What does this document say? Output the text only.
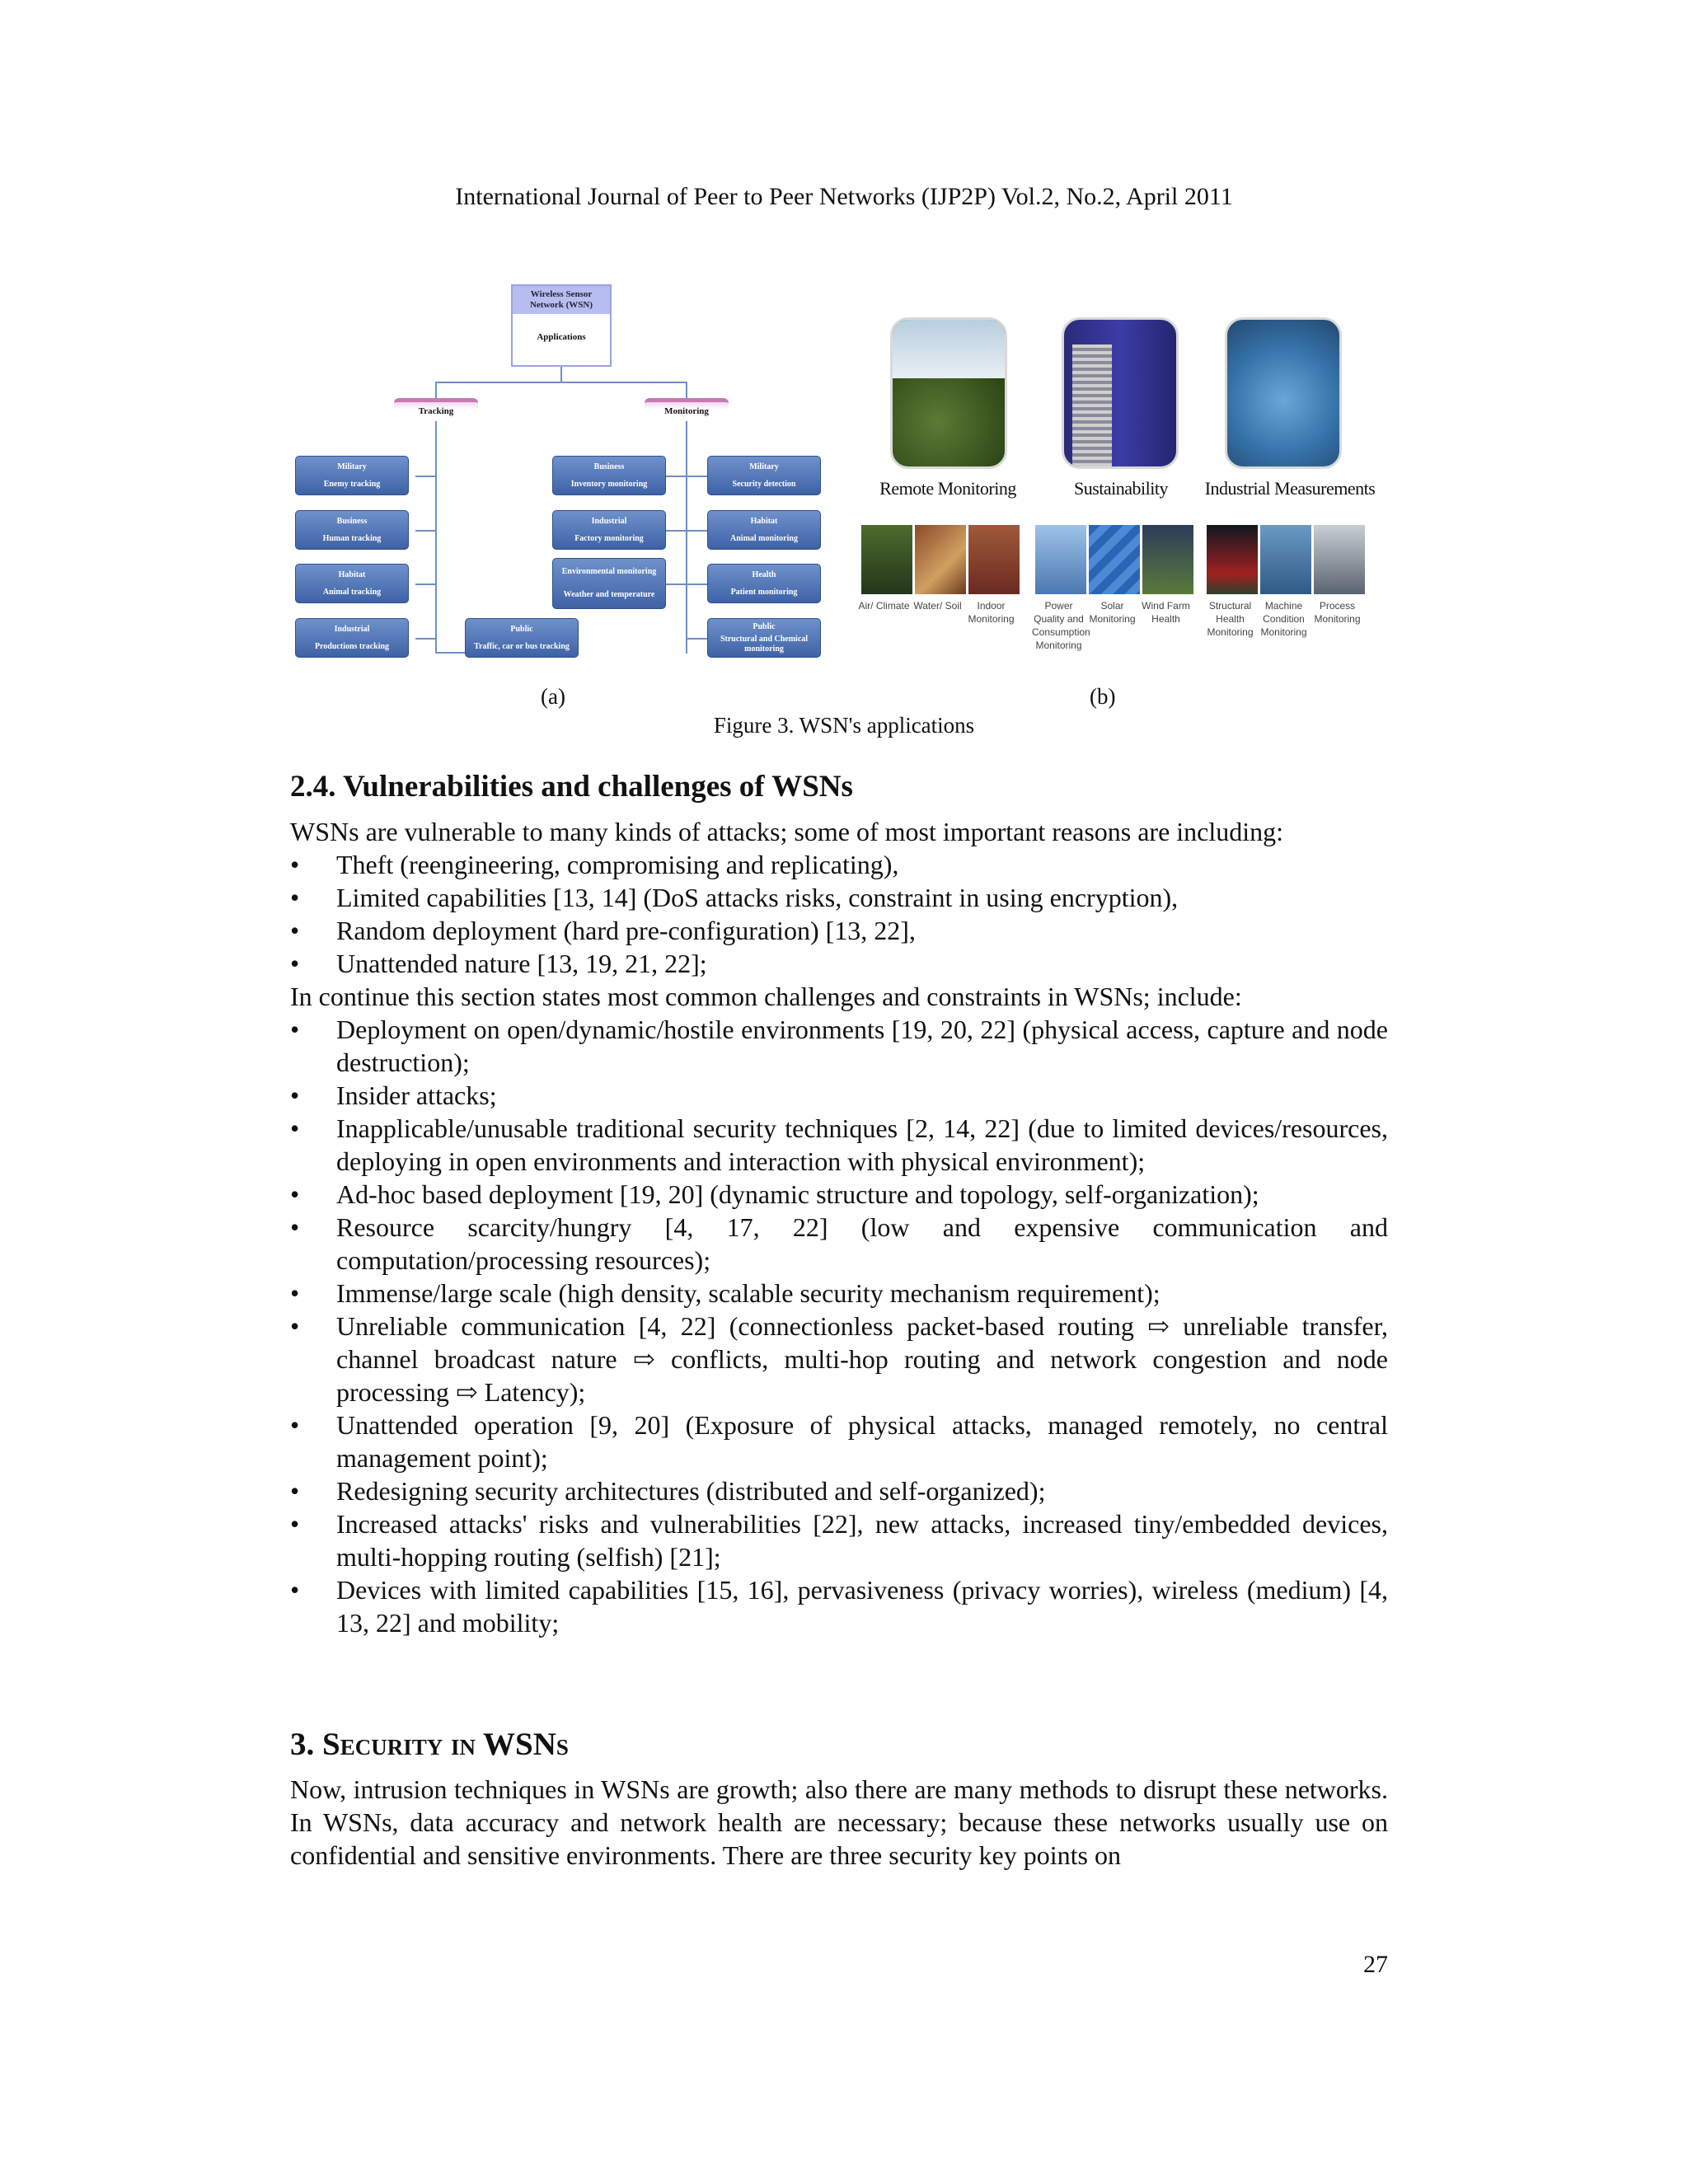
International Journal of Peer to Peer Networks (IJP2P) Vol.2, No.2, April 2011
Wireless Sensor Network (WSN)
Applications
Tracking	Monitoring
Military
Enemy tracking
Business
Human tracking
Habitat
Animal tracking
Industrial
Productions tracking
Public
Traffic, car or bus tracking
Business
Inventory monitoring
Industrial
Factory monitoring
Environmental monitoring
Weather and temperature
Military
Security detection
Habitat
Animal monitoring
Health
Patient monitoring
Public
Structural and Chemical monitoring
Remote Monitoring	Sustainability	Industrial Measurements
Air/ Climate Water/ Soil	Indoor Monitoring
Power Quality and Consumption Monitoring
Solar Monitoring
Wind Farm Health
Structural Health Monitoring
Machine Condition Monitoring
Process Monitoring
(a)	(b)
Figure 3. WSN's applications
2.4. Vulnerabilities and challenges of WSNs

WSNs are vulnerable to many kinds of attacks; some of most important reasons are including:

• Theft (reengineering, compromising and replicating),
• Limited capabilities [13, 14] (DoS attacks risks, constraint in using encryption),
• Random deployment (hard pre-configuration) [13, 22],
• Unattended nature [13, 19, 21, 22];

In continue this section states most common challenges and constraints in WSNs; include:

• Deployment on open/dynamic/hostile environments [19, 20, 22] (physical access, capture and node destruction);
• Insider attacks;
• Inapplicable/unusable traditional security techniques [2, 14, 22] (due to limited devices/resources, deploying in open environments and interaction with physical environment);
• Ad-hoc based deployment [19, 20] (dynamic structure and topology, self-organization);
• Resource scarcity/hungry [4, 17, 22] (low and expensive communication and computation/processing resources);
• Immense/large scale (high density, scalable security mechanism requirement);
• Unreliable communication [4, 22] (connectionless packet-based routing ⇨ unreliable transfer, channel broadcast nature ⇨ conflicts, multi-hop routing and network congestion and node processing ⇨ Latency);
• Unattended operation [9, 20] (Exposure of physical attacks, managed remotely, no central management point);
• Redesigning security architectures (distributed and self-organized);
• Increased attacks' risks and vulnerabilities [22], new attacks, increased tiny/embedded devices, multi-hopping routing (selfish) [21];
• Devices with limited capabilities [15, 16], pervasiveness (privacy worries), wireless (medium) [4, 13, 22] and mobility;
3. Security in WSNs

Now, intrusion techniques in WSNs are growth; also there are many methods to disrupt these networks. In WSNs, data accuracy and network health are necessary; because these networks usually use on confidential and sensitive environments. There are three security key points on

27
